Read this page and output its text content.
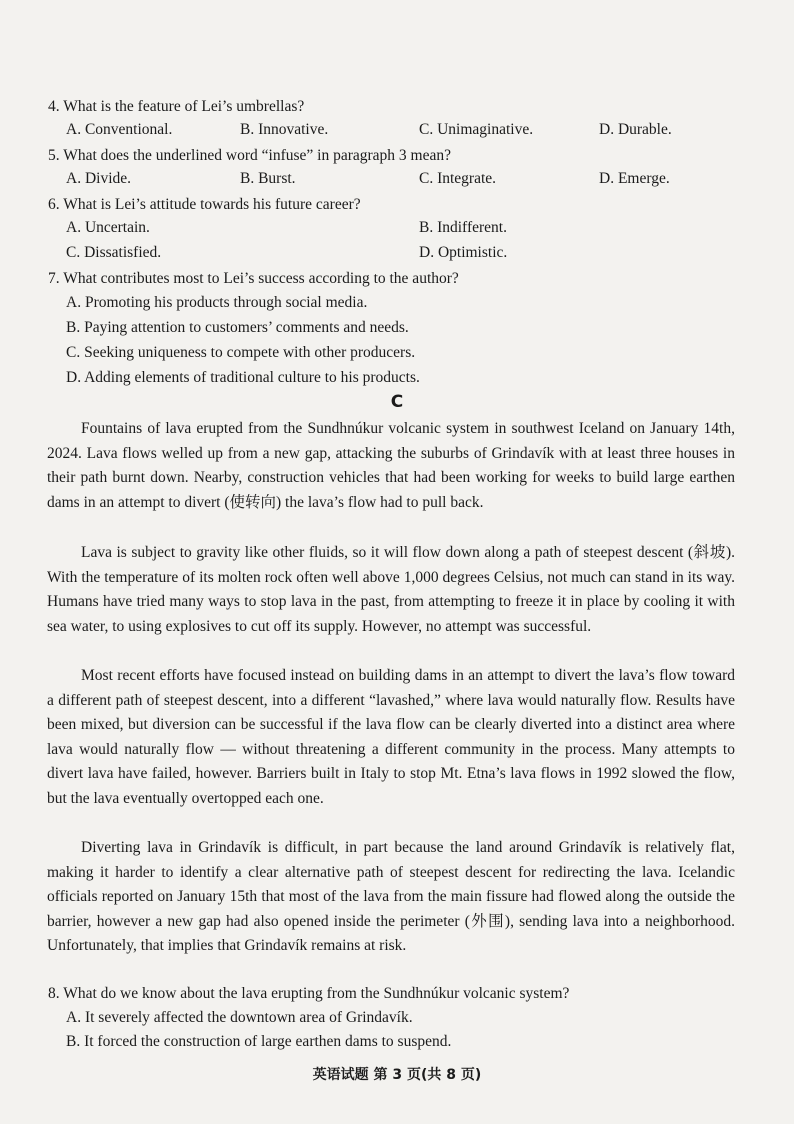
4. What is the feature of Lei’s umbrellas?
A. Conventional.	B. Innovative.	C. Unimaginative.	D. Durable.
5. What does the underlined word “infuse” in paragraph 3 mean?
A. Divide.	B. Burst.	C. Integrate.	D. Emerge.
6. What is Lei’s attitude towards his future career?
A. Uncertain.	B. Indifferent.
C. Dissatisfied.	D. Optimistic.
7. What contributes most to Lei’s success according to the author?
A. Promoting his products through social media.
B. Paying attention to customers’ comments and needs.
C. Seeking uniqueness to compete with other producers.
D. Adding elements of traditional culture to his products.
C
Fountains of lava erupted from the Sundhnúkur volcanic system in southwest Iceland on January 14th, 2024. Lava flows welled up from a new gap, attacking the suburbs of Grindavík with at least three houses in their path burnt down. Nearby, construction vehicles that had been working for weeks to build large earthen dams in an attempt to divert (使转向) the lava’s flow had to pull back.
Lava is subject to gravity like other fluids, so it will flow down along a path of steepest descent (斜坡). With the temperature of its molten rock often well above 1,000 degrees Celsius, not much can stand in its way. Humans have tried many ways to stop lava in the past, from attempting to freeze it in place by cooling it with sea water, to using explosives to cut off its supply. However, no attempt was successful.
Most recent efforts have focused instead on building dams in an attempt to divert the lava’s flow toward a different path of steepest descent, into a different “lavashed,” where lava would naturally flow. Results have been mixed, but diversion can be successful if the lava flow can be clearly diverted into a distinct area where lava would naturally flow — without threatening a different community in the process. Many attempts to divert lava have failed, however. Barriers built in Italy to stop Mt. Etna’s lava flows in 1992 slowed the flow, but the lava eventually overtopped each one.
Diverting lava in Grindavík is difficult, in part because the land around Grindavík is relatively flat, making it harder to identify a clear alternative path of steepest descent for redirecting the lava. Icelandic officials reported on January 15th that most of the lava from the main fissure had flowed along the outside the barrier, however a new gap had also opened inside the perimeter (外围), sending lava into a neighborhood. Unfortunately, that implies that Grindavík remains at risk.
8. What do we know about the lava erupting from the Sundhnúkur volcanic system?
A. It severely affected the downtown area of Grindavík.
B. It forced the construction of large earthen dams to suspend.
英语试题 第 3 页(共 8 页)
